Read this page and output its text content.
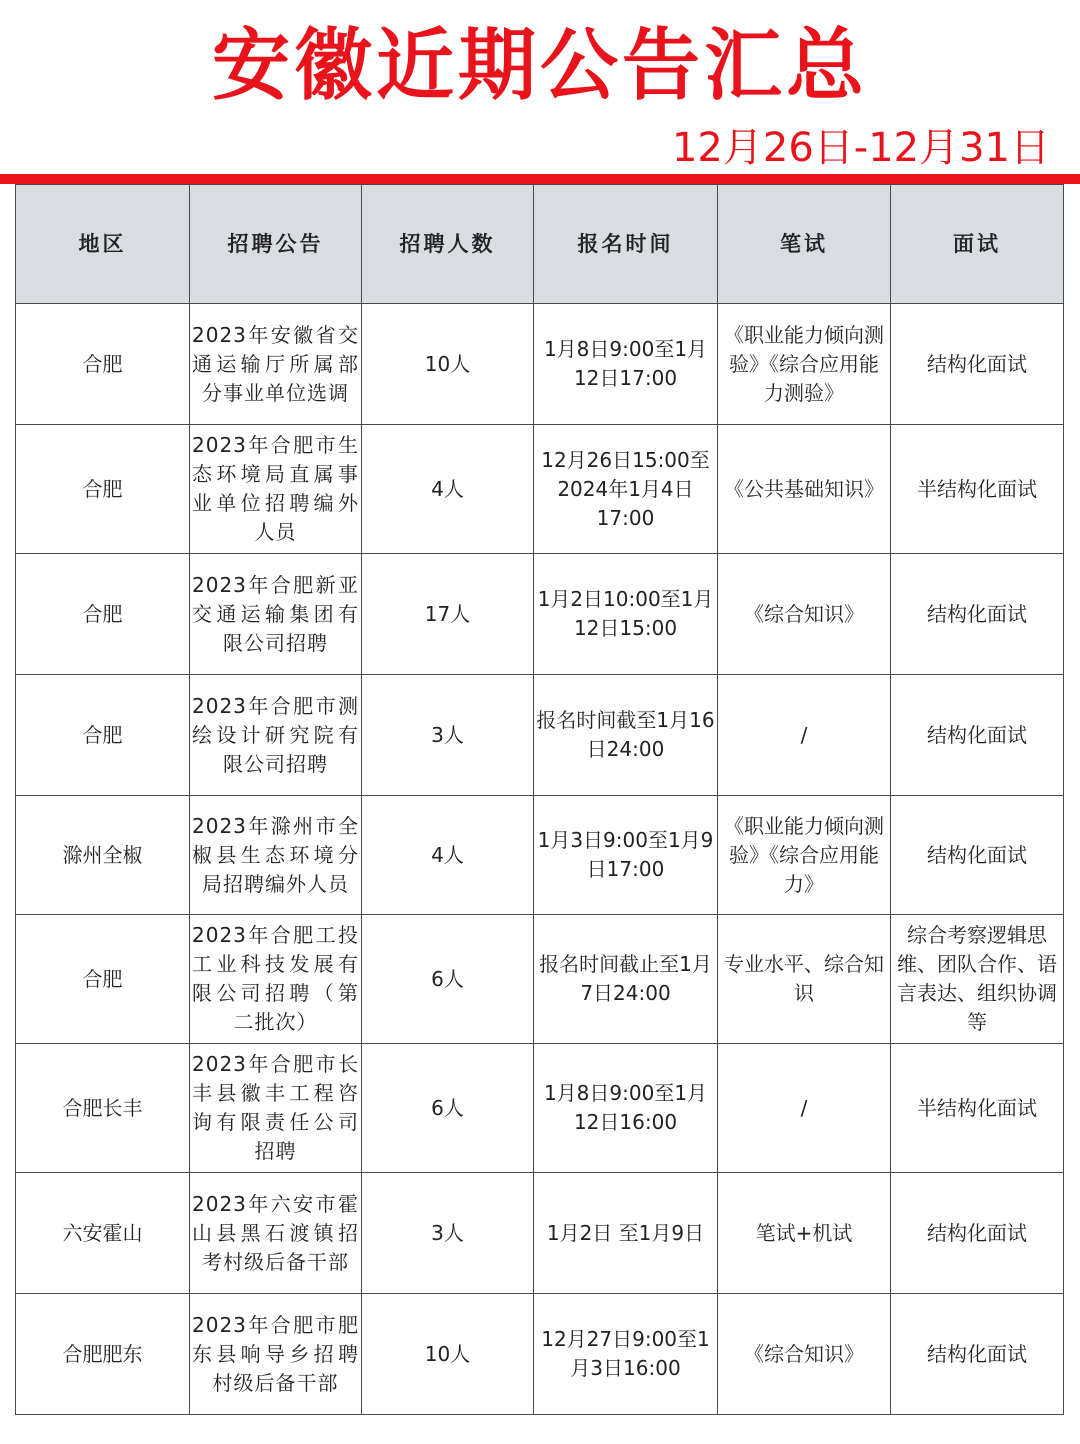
安徽近期公告汇总
12月26日-12月31日
地区	招聘公告	招聘人数	报名时间	笔试	面试
合肥	2023年安徽省交通运输厅所属部分事业单位选调	10人	1月8日9:00至1月12日17:00	《职业能力倾向测验》《综合应用能力测验》	结构化面试
合肥	2023年合肥市生态环境局直属事业单位招聘编外人员	4人	12月26日15:00至2024年1月4日17:00	《公共基础知识》	半结构化面试
合肥	2023年合肥新亚交通运输集团有限公司招聘	17人	1月2日10:00至1月12日15:00	《综合知识》	结构化面试
合肥	2023年合肥市测绘设计研究院有限公司招聘	3人	报名时间截至1月16日24:00	/	结构化面试
滁州全椒	2023年滁州市全椒县生态环境分局招聘编外人员	4人	1月3日9:00至1月9日17:00	《职业能力倾向测验》《综合应用能力》	结构化面试
合肥	2023年合肥工投工业科技发展有限公司招聘（第二批次）	6人	报名时间截止至1月7日24:00	专业水平、综合知识	综合考察逻辑思维、团队合作、语言表达、组织协调等
合肥长丰	2023年合肥市长丰县徽丰工程咨询有限责任公司招聘	6人	1月8日9:00至1月12日16:00	/	半结构化面试
六安霍山	2023年六安市霍山县黑石渡镇招考村级后备干部	3人	1月2日 至1月9日	笔试+机试	结构化面试
合肥肥东	2023年合肥市肥东县响导乡招聘村级后备干部	10人	12月27日9:00至1月3日16:00	《综合知识》	结构化面试
